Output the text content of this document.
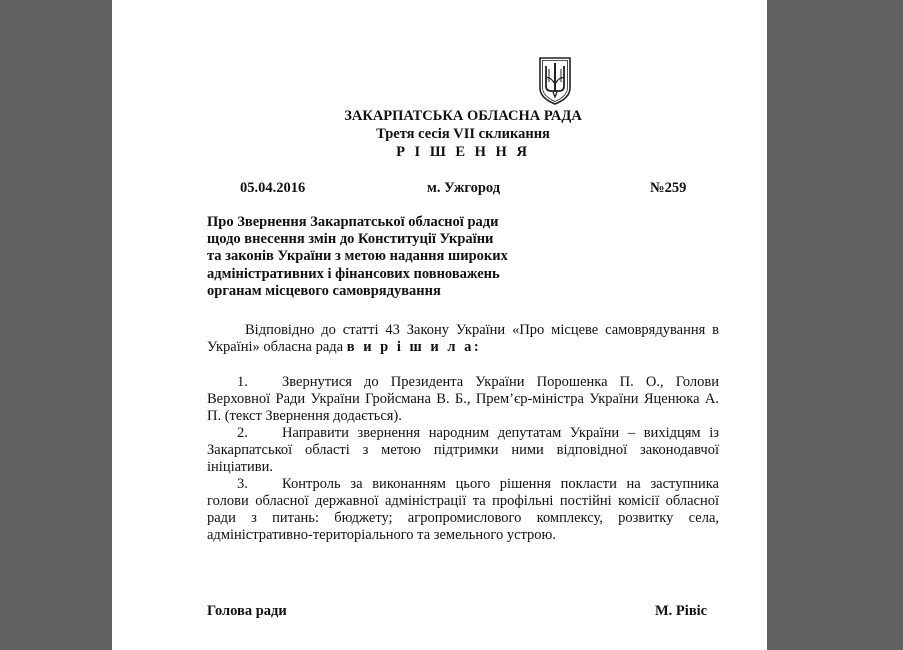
ЗАКАРПАТСЬКА ОБЛАСНА РАДА
Третя сесія VІІ скликання
Р І Ш Е Н Н Я
05.04.2016	м. Ужгород	№259
Про Звернення Закарпатської обласної ради
щодо внесення змін до Конституції України
та законів України з метою надання широких
адміністративних і фінансових повноважень
органам місцевого самоврядування
Відповідно до статті 43 Закону України «Про місцеве самоврядування в Україні» обласна рада в и р і ш и л а:
1. Звернутися до Президента України Порошенка П. О., Голови Верховної Ради України Гройсмана В. Б., Прем’єр-міністра України Яценюка А. П. (текст Звернення додається).
2. Направити звернення народним депутатам України – вихідцям із Закарпатської області з метою підтримки ними відповідної законодавчої ініціативи.
3. Контроль за виконанням цього рішення покласти на заступника голови обласної державної адміністрації та профільні постійні комісії обласної ради з питань: бюджету; агропромислового комплексу, розвитку села, адміністративно-територіального та земельного устрою.
Голова ради	М. Рівіс
